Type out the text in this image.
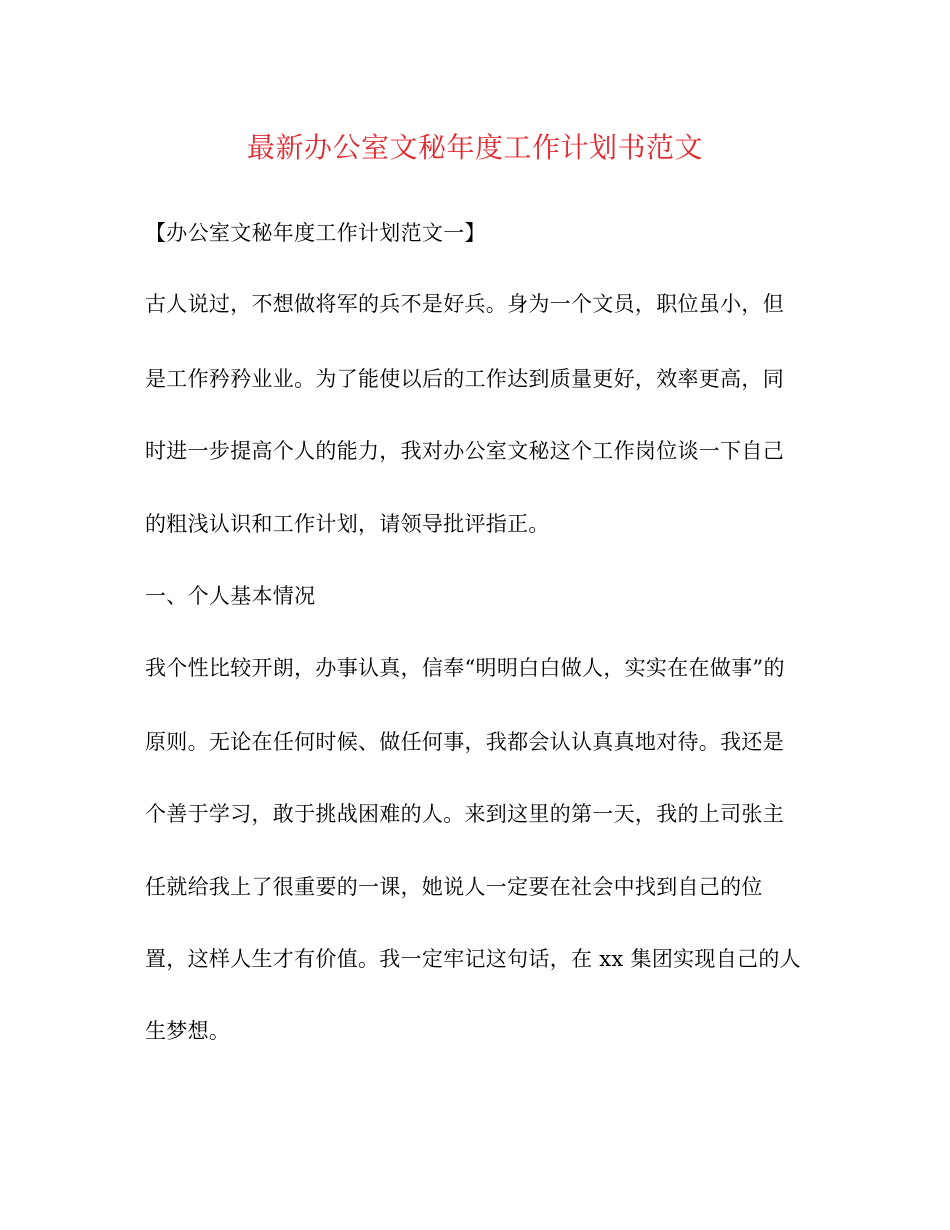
最新办公室文秘年度工作计划书范文
【办公室文秘年度工作计划范文一】
古人说过，不想做将军的兵不是好兵。身为一个文员，职位虽小，但
是工作矜矜业业。为了能使以后的工作达到质量更好，效率更高，同
时进一步提高个人的能力，我对办公室文秘这个工作岗位谈一下自己
的粗浅认识和工作计划，请领导批评指正。
一、个人基本情况
我个性比较开朗，办事认真，信奉“明明白白做人，实实在在做事”的
原则。无论在任何时候、做任何事，我都会认认真真地对待。我还是
个善于学习，敢于挑战困难的人。来到这里的第一天，我的上司张主
任就给我上了很重要的一课，她说人一定要在社会中找到自己的位
置，这样人生才有价值。我一定牢记这句话，在 xx 集团实现自己的人
生梦想。
